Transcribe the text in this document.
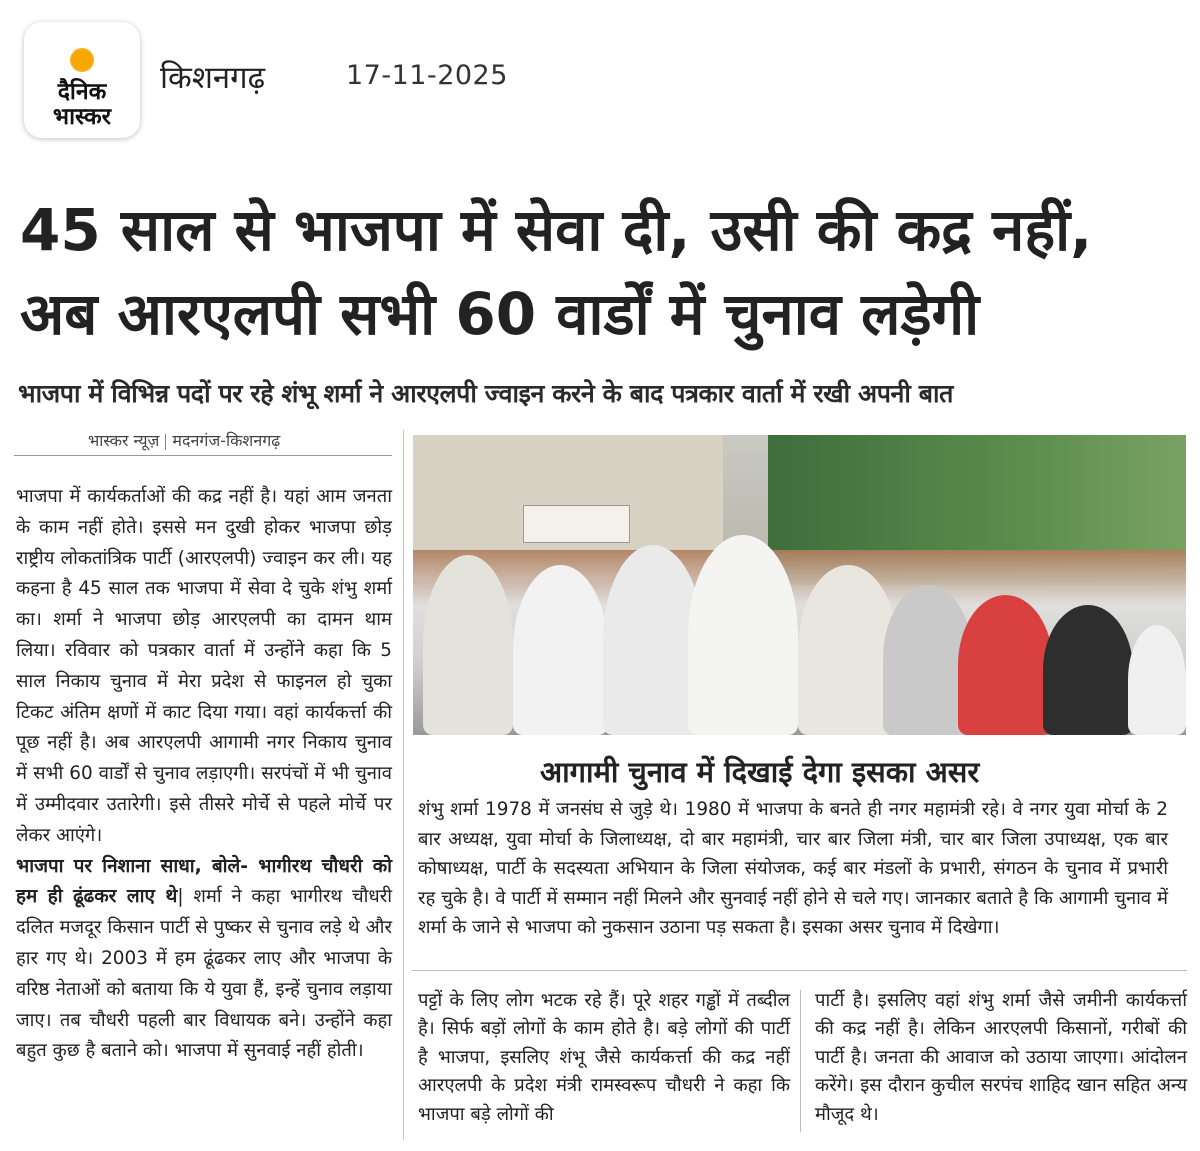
दैनिक
भास्कर
किशनगढ़	17-11-2025
45 साल से भाजपा में सेवा दी, उसी की कद्र नहीं,
अब आरएलपी सभी 60 वार्डों में चुनाव लड़ेगी
भाजपा में विभिन्न पदों पर रहे शंभू शर्मा ने आरएलपी ज्वाइन करने के बाद पत्रकार वार्ता में रखी अपनी बात
भास्कर न्यूज़ मदनगंज-किशनगढ़

भाजपा में कार्यकर्ताओं की कद्र नहीं है। यहां आम जनता के काम नहीं होते। इससे मन दुखी होकर भाजपा छोड़ राष्ट्रीय लोकतांत्रिक पार्टी (आरएलपी) ज्वाइन कर ली। यह कहना है 45 साल तक भाजपा में सेवा दे चुके शंभु शर्मा का। शर्मा ने भाजपा छोड़ आरएलपी का दामन थाम लिया। रविवार को पत्रकार वार्ता में उन्होंने कहा कि 5 साल निकाय चुनाव में मेरा प्रदेश से फाइनल हो चुका टिकट अंतिम क्षणों में काट दिया गया। वहां कार्यकर्त्ता की पूछ नहीं है। अब आरएलपी आगामी नगर निकाय चुनाव में सभी 60 वार्डों से चुनाव लड़ाएगी। सरपंचों में भी चुनाव में उम्मीदवार उतारेगी। इसे तीसरे मोर्चे से पहले मोर्चे पर लेकर आएंगे।

भाजपा पर निशाना साधा, बोले- भागीरथ चौधरी को हम ही ढूंढकर लाए थे| शर्मा ने कहा भागीरथ चौधरी दलित मजदूर किसान पार्टी से पुष्कर से चुनाव लड़े थे और हार गए थे। 2003 में हम ढूंढकर लाए और भाजपा के वरिष्ठ नेताओं को बताया कि ये युवा हैं, इन्हें चुनाव लड़ाया जाए। तब चौधरी पहली बार विधायक बने। उन्होंने कहा बहुत कुछ है बताने को। भाजपा में सुनवाई नहीं होती।

आगामी चुनाव में दिखाई देगा इसका असर
शंभु शर्मा 1978 में जनसंघ से जुड़े थे। 1980 में भाजपा के बनते ही नगर महामंत्री रहे। वे नगर युवा मोर्चा के 2 बार अध्यक्ष, युवा मोर्चा के जिलाध्यक्ष, दो बार महामंत्री, चार बार जिला मंत्री, चार बार जिला उपाध्यक्ष, एक बार कोषाध्यक्ष, पार्टी के सदस्यता अभियान के जिला संयोजक, कई बार मंडलों के प्रभारी, संगठन के चुनाव में प्रभारी रह चुके है। वे पार्टी में सम्मान नहीं मिलने और सुनवाई नहीं होने से चले गए। जानकार बताते है कि आगामी चुनाव में शर्मा के जाने से भाजपा को नुकसान उठाना पड़ सकता है। इसका असर चुनाव में दिखेगा।
पट्टों के लिए लोग भटक रहे हैं। पूरे शहर गड्ढों में तब्दील है। सिर्फ बड़ों लोगों के काम होते है। बड़े लोगों की पार्टी है भाजपा, इसलिए शंभू जैसे कार्यकर्त्ता की कद्र नहीं आरएलपी के प्रदेश मंत्री रामस्वरूप चौधरी ने कहा कि भाजपा बड़े लोगों की
पार्टी है। इसलिए वहां शंभु शर्मा जैसे जमीनी कार्यकर्त्ता की कद्र नहीं है। लेकिन आरएलपी किसानों, गरीबों की पार्टी है। जनता की आवाज को उठाया जाएगा। आंदोलन करेंगे। इस दौरान कुचील सरपंच शाहिद खान सहित अन्य मौजूद थे।
